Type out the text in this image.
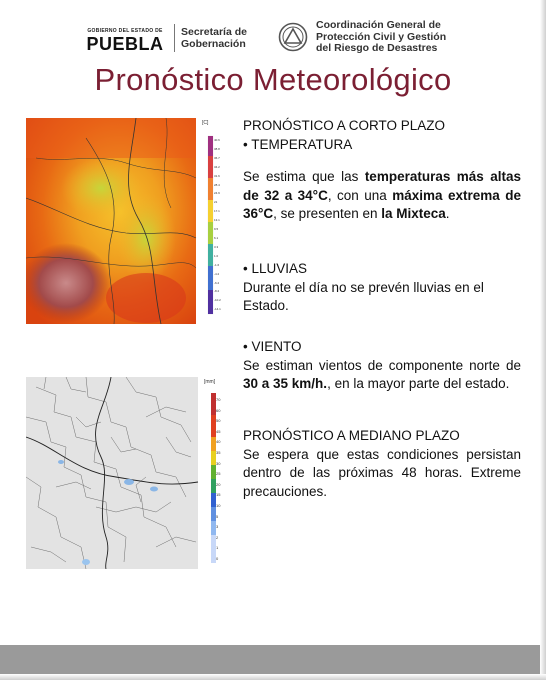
GOBIERNO DEL ESTADO DE
PUEBLA
Secretaría de
Gobernación
Coordinación General de
Protección Civil y Gestión
del Riesgo de Desastres
Pronóstico Meteorológico
[C]
40.6
38.8
36.7
34.2
31.6
28.4
24.9
21
17.1
13.1
9.5
6.1
3.3
1.0
-1.6
-4.2
-6.2
-8.2
-10.2
-14.1
[mm]
70
60
50
45
40
35
30
25
20
15
10
5
3
2
1
0

PRONÓSTICO A CORTO PLAZO

• TEMPERATURA

Se estima que las temperaturas más altas de 32 a 34°C, con una máxima extrema de 36°C, se presenten en la Mixteca.

• LLUVIAS

Durante el día no se prevén lluvias en el Estado.

• VIENTO

Se estiman vientos de componente norte de 30 a 35 km/h., en la mayor parte del estado.

PRONÓSTICO A MEDIANO PLAZO

Se espera que estas condiciones persistan dentro de las próximas 48 horas. Extreme precauciones.
